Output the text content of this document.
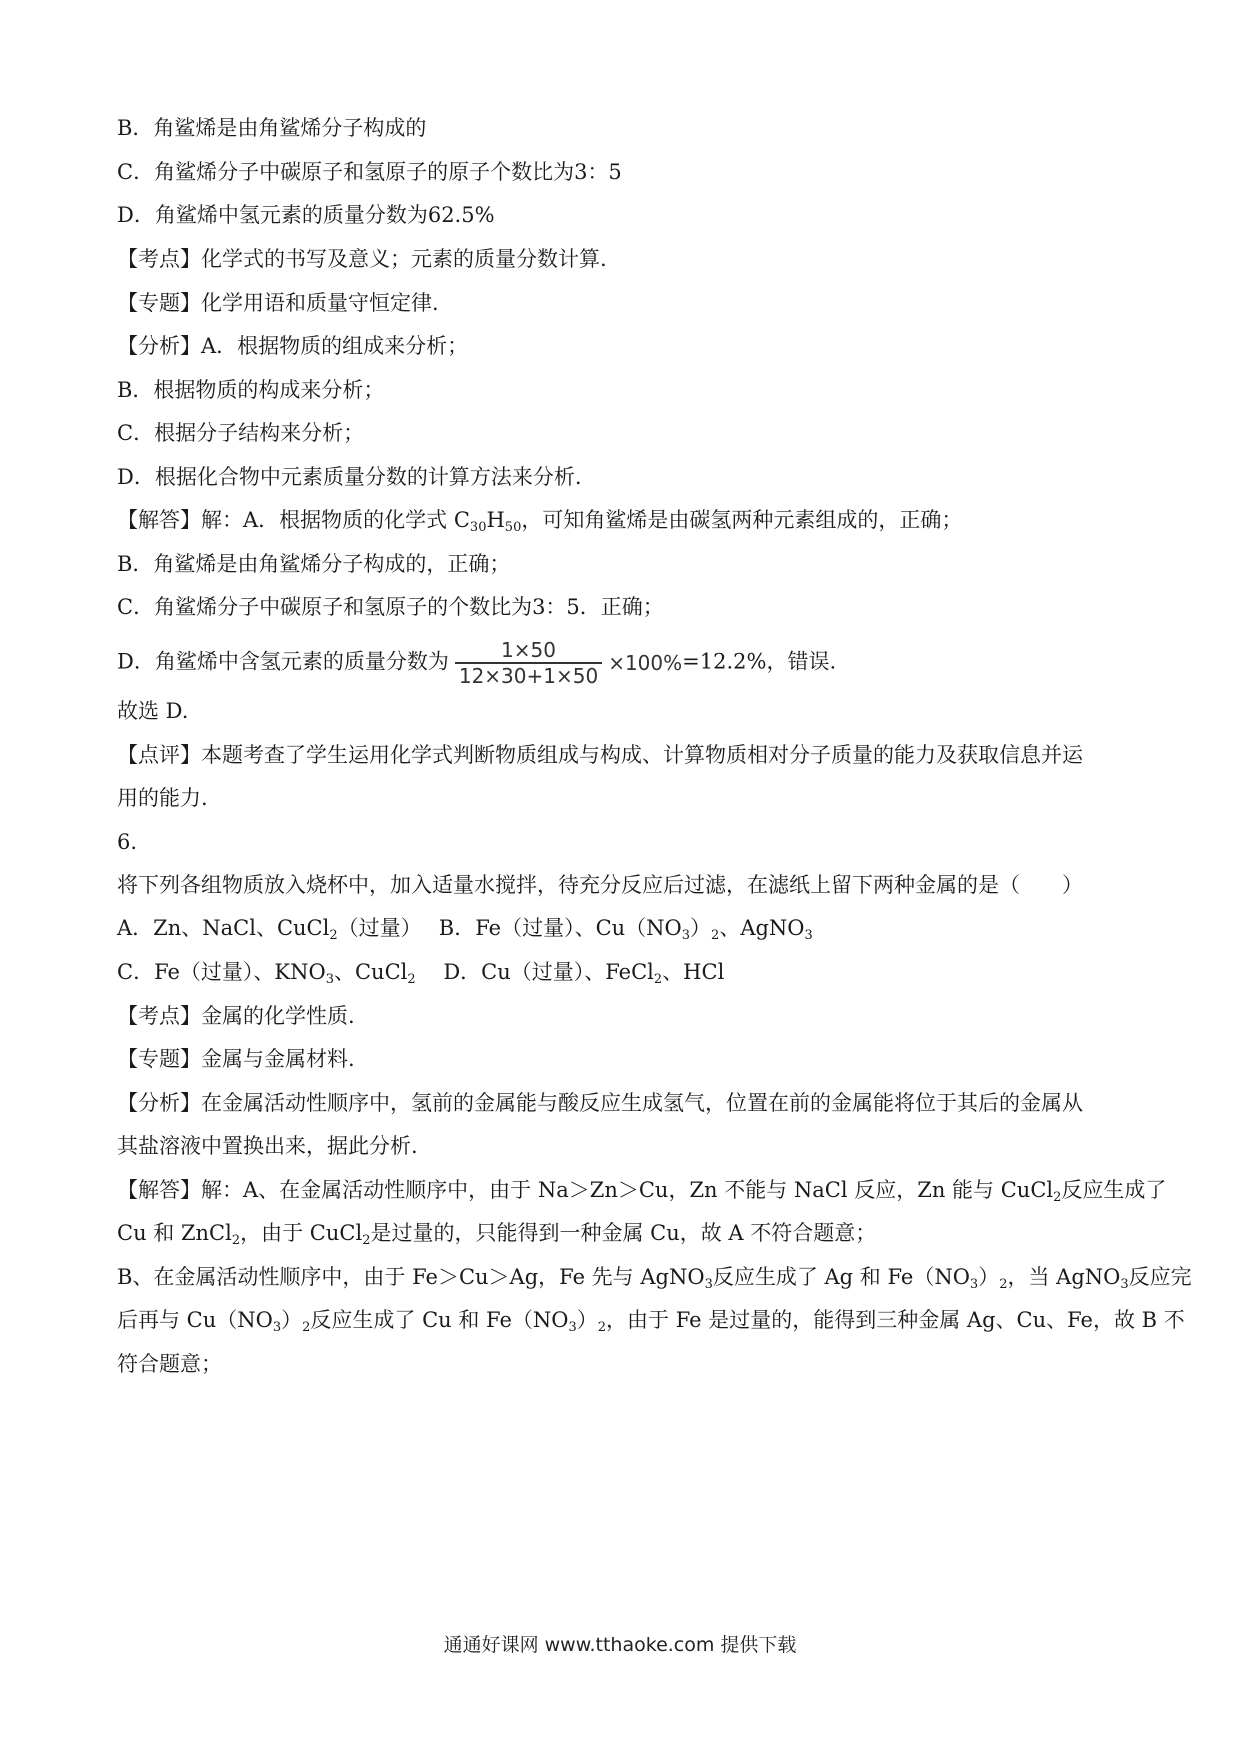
B．角鲨烯是由角鲨烯分子构成的
C．角鲨烯分子中碳原子和氢原子的原子个数比为3：5
D．角鲨烯中氢元素的质量分数为62.5%
【考点】化学式的书写及意义；元素的质量分数计算.
【专题】化学用语和质量守恒定律.
【分析】A．根据物质的组成来分析；
B．根据物质的构成来分析；
C．根据分子结构来分析；
D．根据化合物中元素质量分数的计算方法来分析.
【解答】解：A．根据物质的化学式 $C_{30}H_{50}$，可知角鲨烯是由碳氢两种元素组成的，正确；
B．角鲨烯是由角鲨烯分子构成的，正确；
C．角鲨烯分子中碳原子和氢原子的个数比为3：5．正确；
D．角鲨烯中含氢元素的质量分数为 $\frac{1\times 50}{12\times 30+1\times 50} \times 100\% =12.2\%$，错误.
故选 D.
【点评】本题考查了学生运用化学式判断物质组成与构成、计算物质相对分子质量的能力及获取信息并运
用的能力.
6.
将下列各组物质放入烧杯中，加入适量水搅拌，待充分反应后过滤，在滤纸上留下两种金属的是（　　）
A．Zn、NaCl、CuCl$_2$（过量）　 B．Fe（过量）、$Cu(NO_3)_2$、AgNO$_3$
C．Fe（过量）、$KNO_3$、CuCl$_2$　 D．Cu（过量）、FeCl$_2$、HCl
【考点】金属的化学性质.
【专题】金属与金属材料.
【分析】在金属活动性顺序中，氢前的金属能与酸反应生成氢气，位置在前的金属能将位于其后的金属从
其盐溶液中置换出来，据此分析.
【解答】解：A、在金属活动性顺序中，由于 Na＞Zn＞Cu，Zn 不能与 NaCl 反应，Zn 能与 CuCl$_2$反应生成了
Cu 和 ZnCl$_2$，由于 CuCl$_2$是过量的，只能得到一种金属 Cu，故 A 不符合题意；
B、在金属活动性顺序中，由于 Fe＞Cu＞Ag，Fe 先与 AgNO$_3$反应生成了 Ag 和 $Fe(NO_3)_2$，当 AgNO$_3$反应完
后再与 $Cu(NO_3)_2$反应生成了 Cu 和 $Fe(NO_3)_2$，由于 Fe 是过量的，能得到三种金属 Ag、Cu、Fe，故 B 不
符合题意；
通通好课网 www.tthaoke.com 提供下载
